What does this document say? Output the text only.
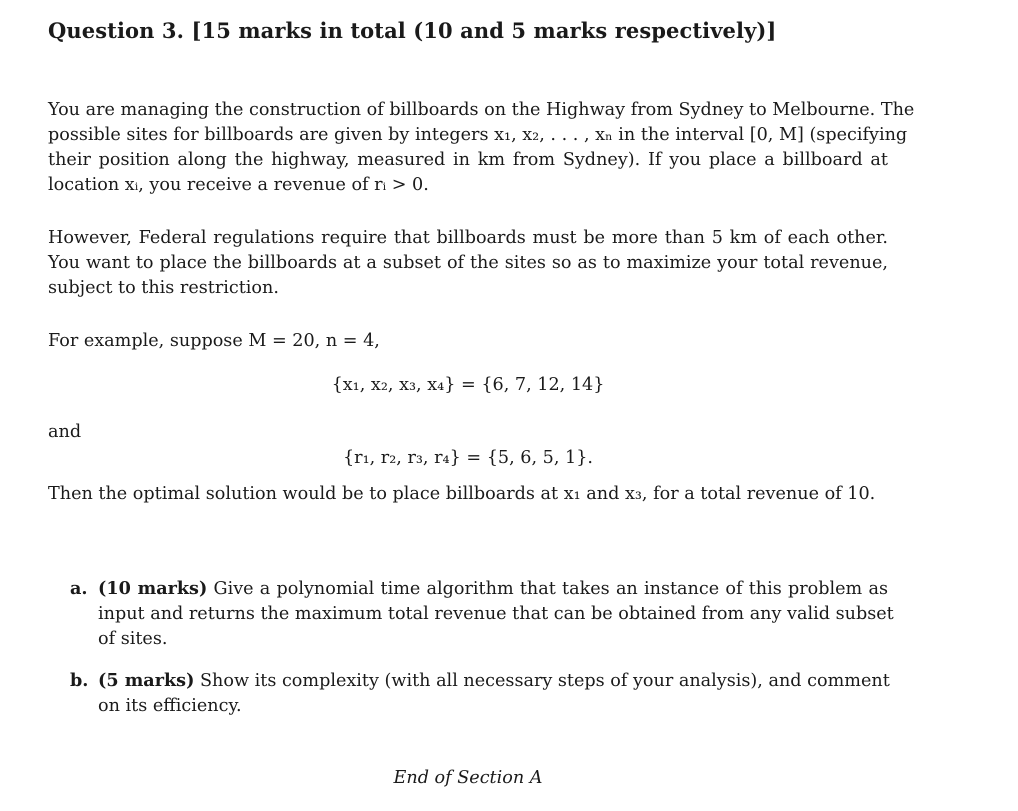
Question 3. [15 marks in total (10 and 5 marks respectively)]

You are managing the construction of billboards on the Highway from Sydney to Melbourne. The
possible sites for billboards are given by integers x₁, x₂, . . . , xₙ in the interval [0, M] (specifying
their position along the highway, measured in km from Sydney). If you place a billboard at
location xᵢ, you receive a revenue of rᵢ > 0.

However, Federal regulations require that billboards must be more than 5 km of each other.
You want to place the billboards at a subset of the sites so as to maximize your total revenue,
subject to this restriction.

For example, suppose M = 20, n = 4,

{x₁, x₂, x₃, x₄} = {6, 7, 12, 14}

and

{r₁, r₂, r₃, r₄} = {5, 6, 5, 1}.

Then the optimal solution would be to place billboards at x₁ and x₃, for a total revenue of 10.

a. (10 marks) Give a polynomial time algorithm that takes an instance of this problem as
input and returns the maximum total revenue that can be obtained from any valid subset
of sites.
b. (5 marks) Show its complexity (with all necessary steps of your analysis), and comment
on its efficiency.
End of Section A
